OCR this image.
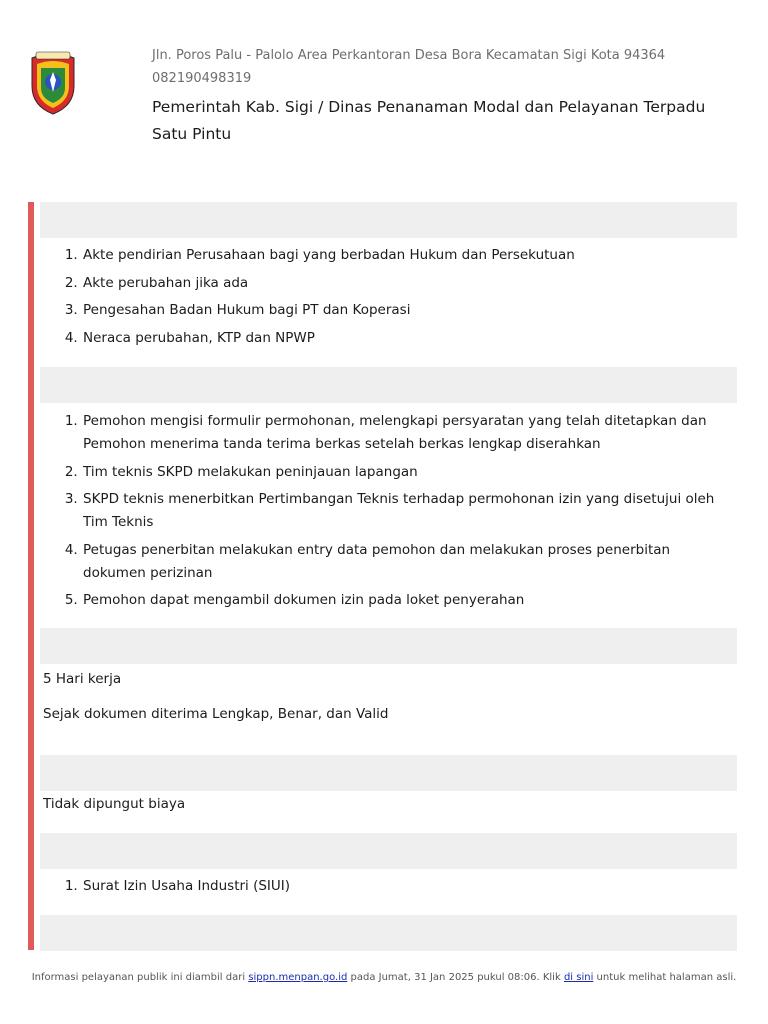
Jln. Poros Palu - Palolo Area Perkantoran Desa Bora Kecamatan Sigi Kota 94364
082190498319
Pemerintah Kab. Sigi / Dinas Penanaman Modal dan Pelayanan Terpadu Satu Pintu
1. Akte pendirian Perusahaan bagi yang berbadan Hukum dan Persekutuan
2. Akte perubahan jika ada
3. Pengesahan Badan Hukum bagi PT dan Koperasi
4. Neraca perubahan, KTP dan NPWP
1. Pemohon mengisi formulir permohonan, melengkapi persyaratan yang telah ditetapkan dan Pemohon menerima tanda terima berkas setelah berkas lengkap diserahkan
2. Tim teknis SKPD melakukan peninjauan lapangan
3. SKPD teknis menerbitkan Pertimbangan Teknis terhadap permohonan izin yang disetujui oleh Tim Teknis
4. Petugas penerbitan melakukan entry data pemohon dan melakukan proses penerbitan dokumen perizinan
5. Pemohon dapat mengambil dokumen izin pada loket penyerahan
5 Hari kerja
Sejak dokumen diterima Lengkap, Benar, dan Valid
Tidak dipungut biaya
1. Surat Izin Usaha Industri (SIUI)
Informasi pelayanan publik ini diambil dari sippn.menpan.go.id pada Jumat, 31 Jan 2025 pukul 08:06. Klik di sini untuk melihat halaman asli.
